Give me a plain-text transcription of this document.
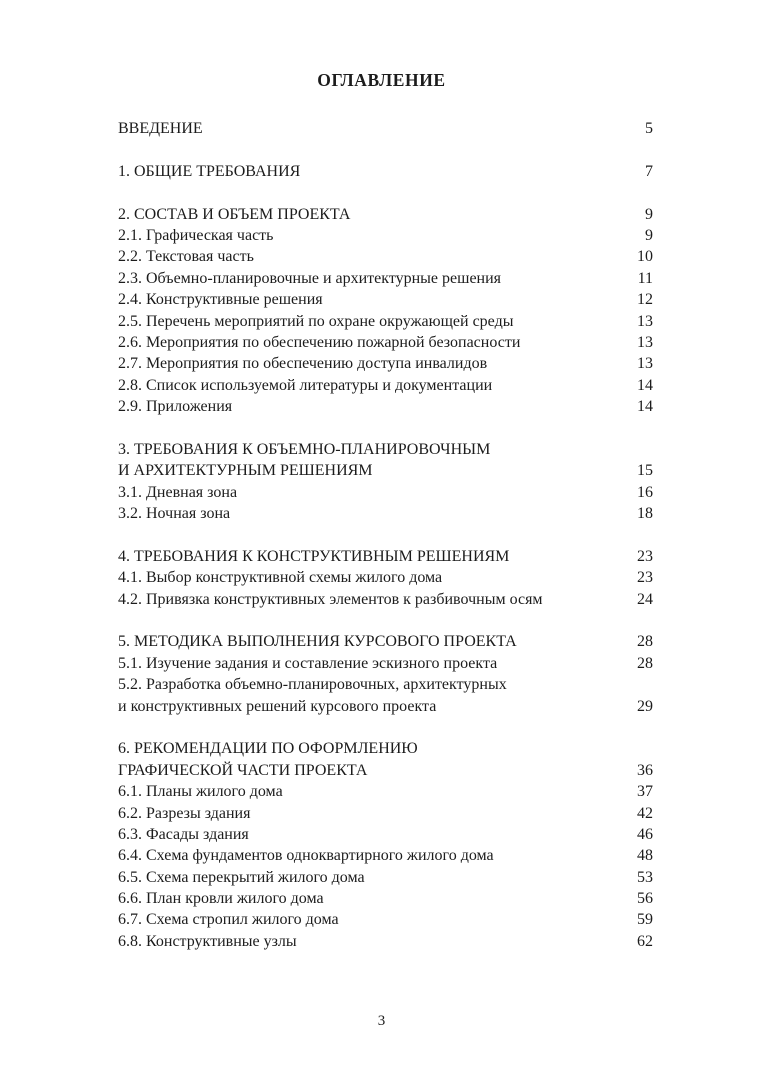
ОГЛАВЛЕНИЕ
ВВЕДЕНИЕ	5
1. ОБЩИЕ ТРЕБОВАНИЯ	7
2. СОСТАВ И ОБЪЕМ ПРОЕКТА	9
2.1. Графическая часть	9
2.2. Текстовая часть	10
2.3. Объемно-планировочные и архитектурные решения	11
2.4. Конструктивные решения	12
2.5. Перечень мероприятий по охране окружающей среды	13
2.6. Мероприятия по обеспечению пожарной безопасности	13
2.7. Мероприятия по обеспечению доступа инвалидов	13
2.8. Список используемой литературы и документации	14
2.9. Приложения	14
3. ТРЕБОВАНИЯ К ОБЪЕМНО-ПЛАНИРОВОЧНЫМ
И АРХИТЕКТУРНЫМ РЕШЕНИЯМ	15
3.1. Дневная зона	16
3.2. Ночная зона	18
4. ТРЕБОВАНИЯ К КОНСТРУКТИВНЫМ РЕШЕНИЯМ	23
4.1. Выбор конструктивной схемы жилого дома	23
4.2. Привязка конструктивных элементов к разбивочным осям	24
5. МЕТОДИКА ВЫПОЛНЕНИЯ КУРСОВОГО ПРОЕКТА	28
5.1. Изучение задания и составление эскизного проекта	28
5.2. Разработка объемно-планировочных, архитектурных
и конструктивных решений курсового проекта	29
6. РЕКОМЕНДАЦИИ ПО ОФОРМЛЕНИЮ
ГРАФИЧЕСКОЙ ЧАСТИ ПРОЕКТА	36
6.1. Планы жилого дома	37
6.2. Разрезы здания	42
6.3. Фасады здания	46
6.4. Схема фундаментов одноквартирного жилого дома	48
6.5. Схема перекрытий жилого дома	53
6.6. План кровли жилого дома	56
6.7. Схема стропил жилого дома	59
6.8. Конструктивные узлы	62
3
